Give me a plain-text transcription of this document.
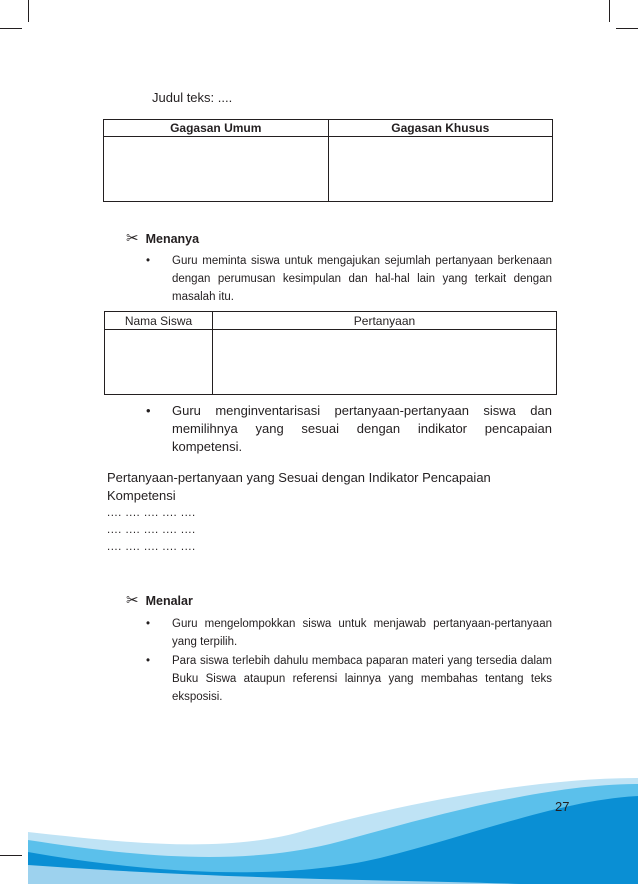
Judul teks: ....
Gagasan Umum	Gagasan Khusus

✂ Menanya
• Guru meminta siswa untuk mengajukan sejumlah pertanyaan berkenaan dengan perumusan kesimpulan dan hal-hal lain yang terkait dengan masalah itu.
Nama Siswa	Pertanyaan

• Guru menginventarisasi pertanyaan-pertanyaan siswa dan memilihnya yang sesuai dengan indikator pencapaian kompetensi.
Pertanyaan-pertanyaan yang Sesuai dengan Indikator Pencapaian Kompetensi
.... .... .... .... ....
.... .... .... .... ....
.... .... .... .... ....
✂ Menalar
• Guru mengelompokkan siswa untuk menjawab pertanyaan-pertanyaan yang terpilih.
• Para siswa terlebih dahulu membaca paparan materi yang tersedia dalam Buku Siswa ataupun referensi lainnya yang membahas tentang teks eksposisi.
27
